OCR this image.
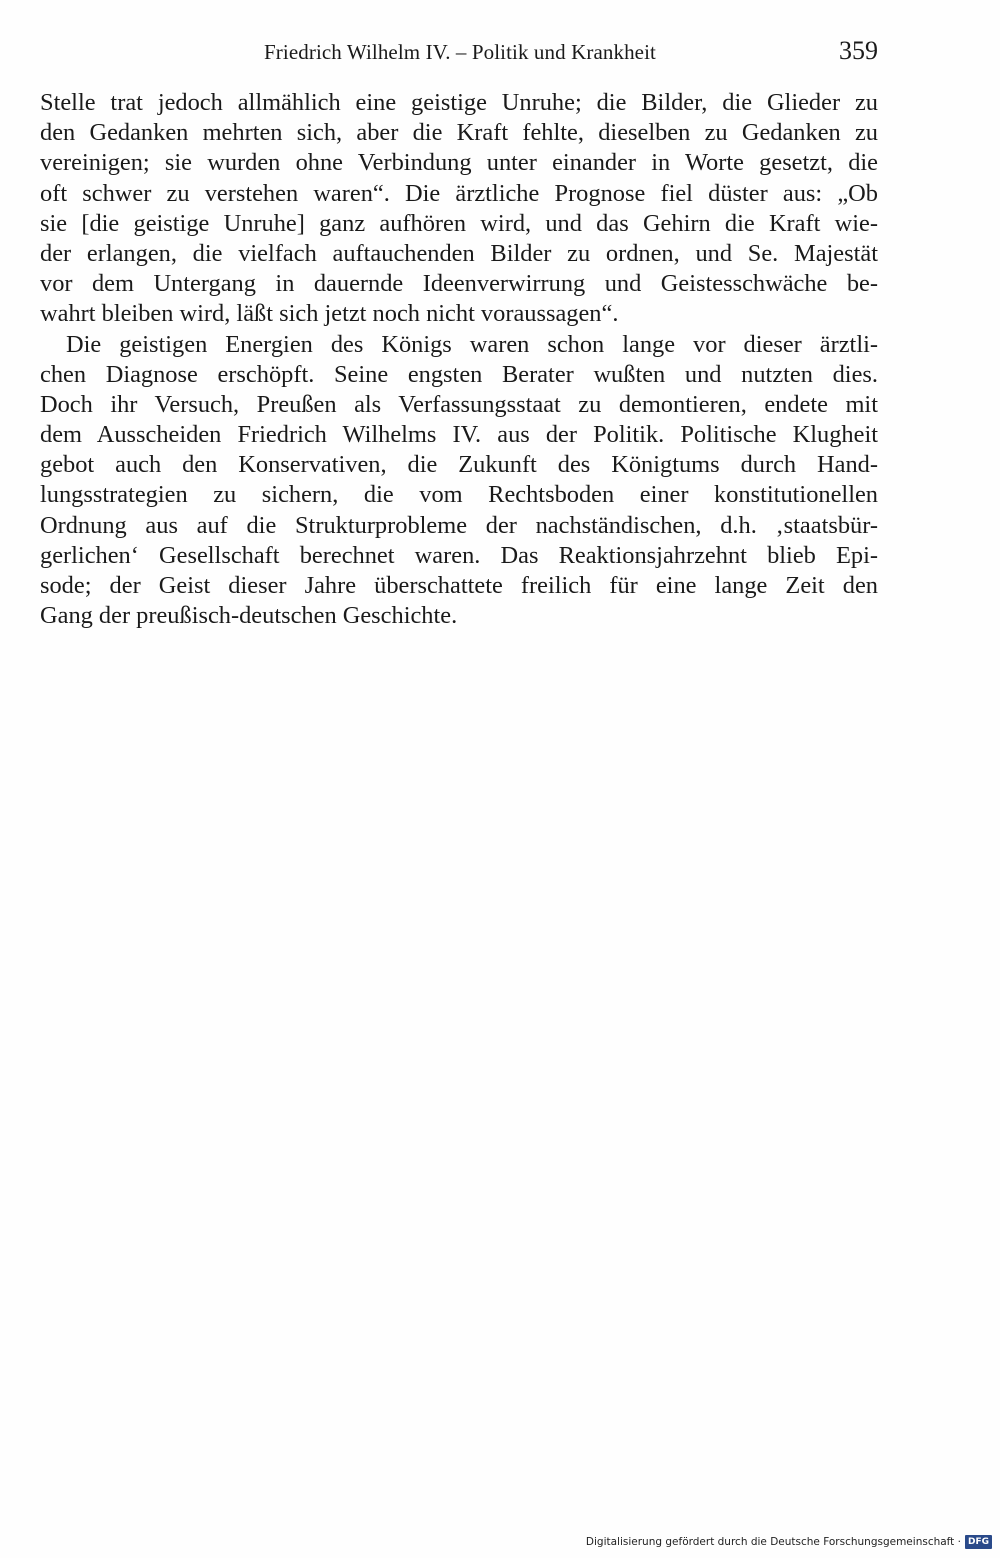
Friedrich Wilhelm IV. – Politik und Krankheit	359
Stelle trat jedoch allmählich eine geistige Unruhe; die Bilder, die Glieder zu
den Gedanken mehrten sich, aber die Kraft fehlte, dieselben zu Gedanken zu
vereinigen; sie wurden ohne Verbindung unter einander in Worte gesetzt, die
oft schwer zu verstehen waren“. Die ärztliche Prognose fiel düster aus: „Ob
sie [die geistige Unruhe] ganz aufhören wird, und das Gehirn die Kraft wie-
der erlangen, die vielfach auftauchenden Bilder zu ordnen, und Se. Majestät
vor dem Untergang in dauernde Ideenverwirrung und Geistesschwäche be-
wahrt bleiben wird, läßt sich jetzt noch nicht voraussagen“.
Die geistigen Energien des Königs waren schon lange vor dieser ärztli-
chen Diagnose erschöpft. Seine engsten Berater wußten und nutzten dies.
Doch ihr Versuch, Preußen als Verfassungsstaat zu demontieren, endete mit
dem Ausscheiden Friedrich Wilhelms IV. aus der Politik. Politische Klugheit
gebot auch den Konservativen, die Zukunft des Königtums durch Hand-
lungsstrategien zu sichern, die vom Rechtsboden einer konstitutionellen
Ordnung aus auf die Strukturprobleme der nachständischen, d.h. ‚staatsbür-
gerlichen‘ Gesellschaft berechnet waren. Das Reaktionsjahrzehnt blieb Epi-
sode; der Geist dieser Jahre überschattete freilich für eine lange Zeit den
Gang der preußisch-deutschen Geschichte.
Digitalisierung gefördert durch die Deutsche Forschungsgemeinschaft · DFG
